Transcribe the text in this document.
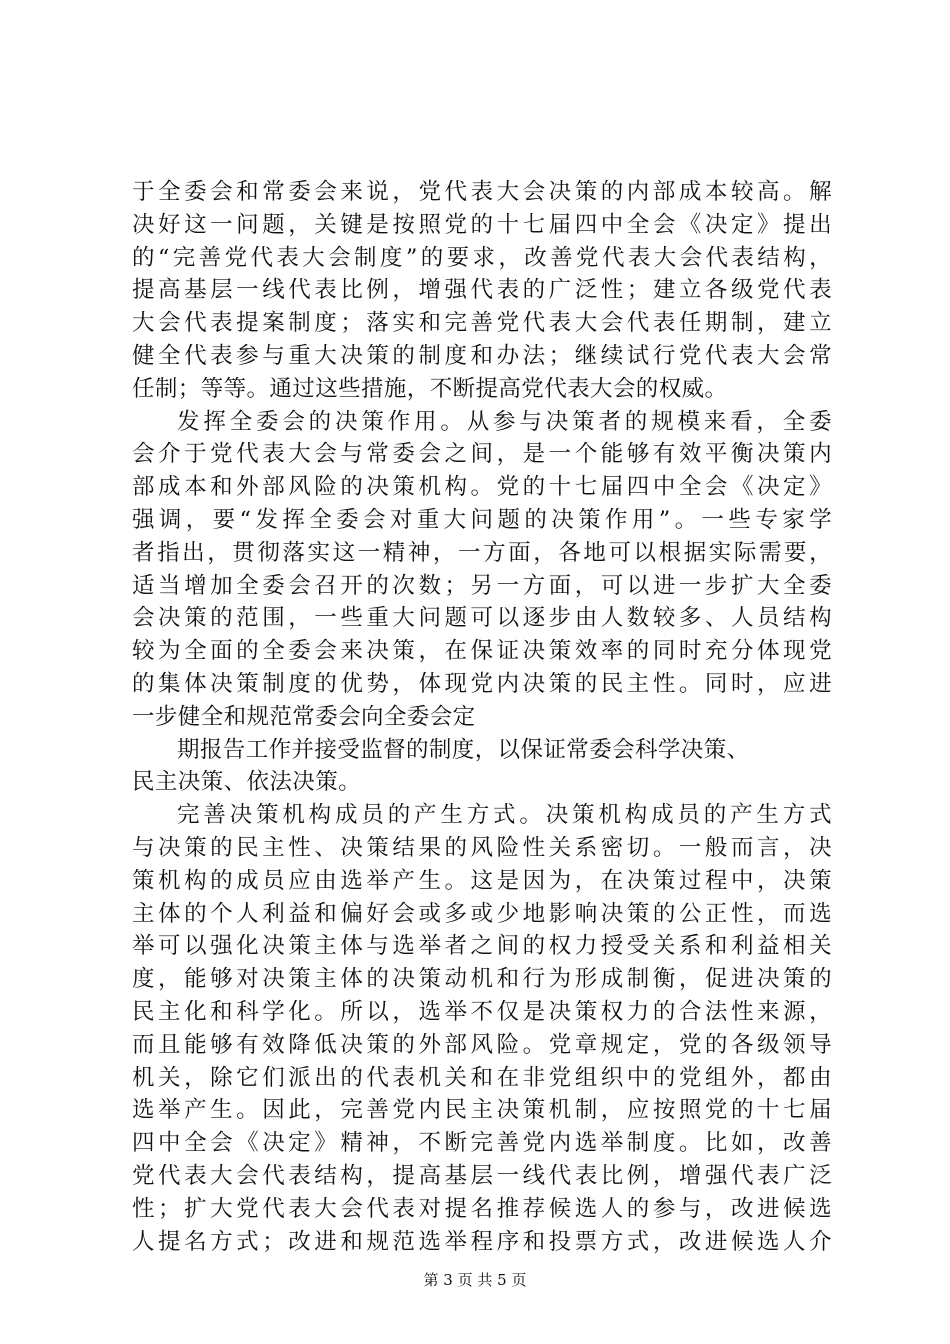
于全委会和常委会来说，党代表大会决策的内部成本较高。解
决好这一问题，关键是按照党的十七届四中全会《决定》提出
的“完善党代表大会制度”的要求，改善党代表大会代表结构，
提高基层一线代表比例，增强代表的广泛性；建立各级党代表
大会代表提案制度；落实和完善党代表大会代表任期制，建立
健全代表参与重大决策的制度和办法；继续试行党代表大会常
任制；等等。通过这些措施，不断提高党代表大会的权威。
发挥全委会的决策作用。从参与决策者的规模来看，全委
会介于党代表大会与常委会之间，是一个能够有效平衡决策内
部成本和外部风险的决策机构。党的十七届四中全会《决定》
强调，要“发挥全委会对重大问题的决策作用”。一些专家学
者指出，贯彻落实这一精神，一方面，各地可以根据实际需要，
适当增加全委会召开的次数；另一方面，可以进一步扩大全委
会决策的范围，一些重大问题可以逐步由人数较多、人员结构
较为全面的全委会来决策，在保证决策效率的同时充分体现党
的集体决策制度的优势，体现党内决策的民主性。同时，应进
一步健全和规范常委会向全委会定
期报告工作并接受监督的制度，以保证常委会科学决策、
民主决策、依法决策。
完善决策机构成员的产生方式。决策机构成员的产生方式
与决策的民主性、决策结果的风险性关系密切。一般而言，决
策机构的成员应由选举产生。这是因为，在决策过程中，决策
主体的个人利益和偏好会或多或少地影响决策的公正性，而选
举可以强化决策主体与选举者之间的权力授受关系和利益相关
度，能够对决策主体的决策动机和行为形成制衡，促进决策的
民主化和科学化。所以，选举不仅是决策权力的合法性来源，
而且能够有效降低决策的外部风险。党章规定，党的各级领导
机关，除它们派出的代表机关和在非党组织中的党组外，都由
选举产生。因此，完善党内民主决策机制，应按照党的十七届
四中全会《决定》精神，不断完善党内选举制度。比如，改善
党代表大会代表结构，提高基层一线代表比例，增强代表广泛
性；扩大党代表大会代表对提名推荐候选人的参与，改进候选
人提名方式；改进和规范选举程序和投票方式，改进候选人介
第 3 页 共 5 页
